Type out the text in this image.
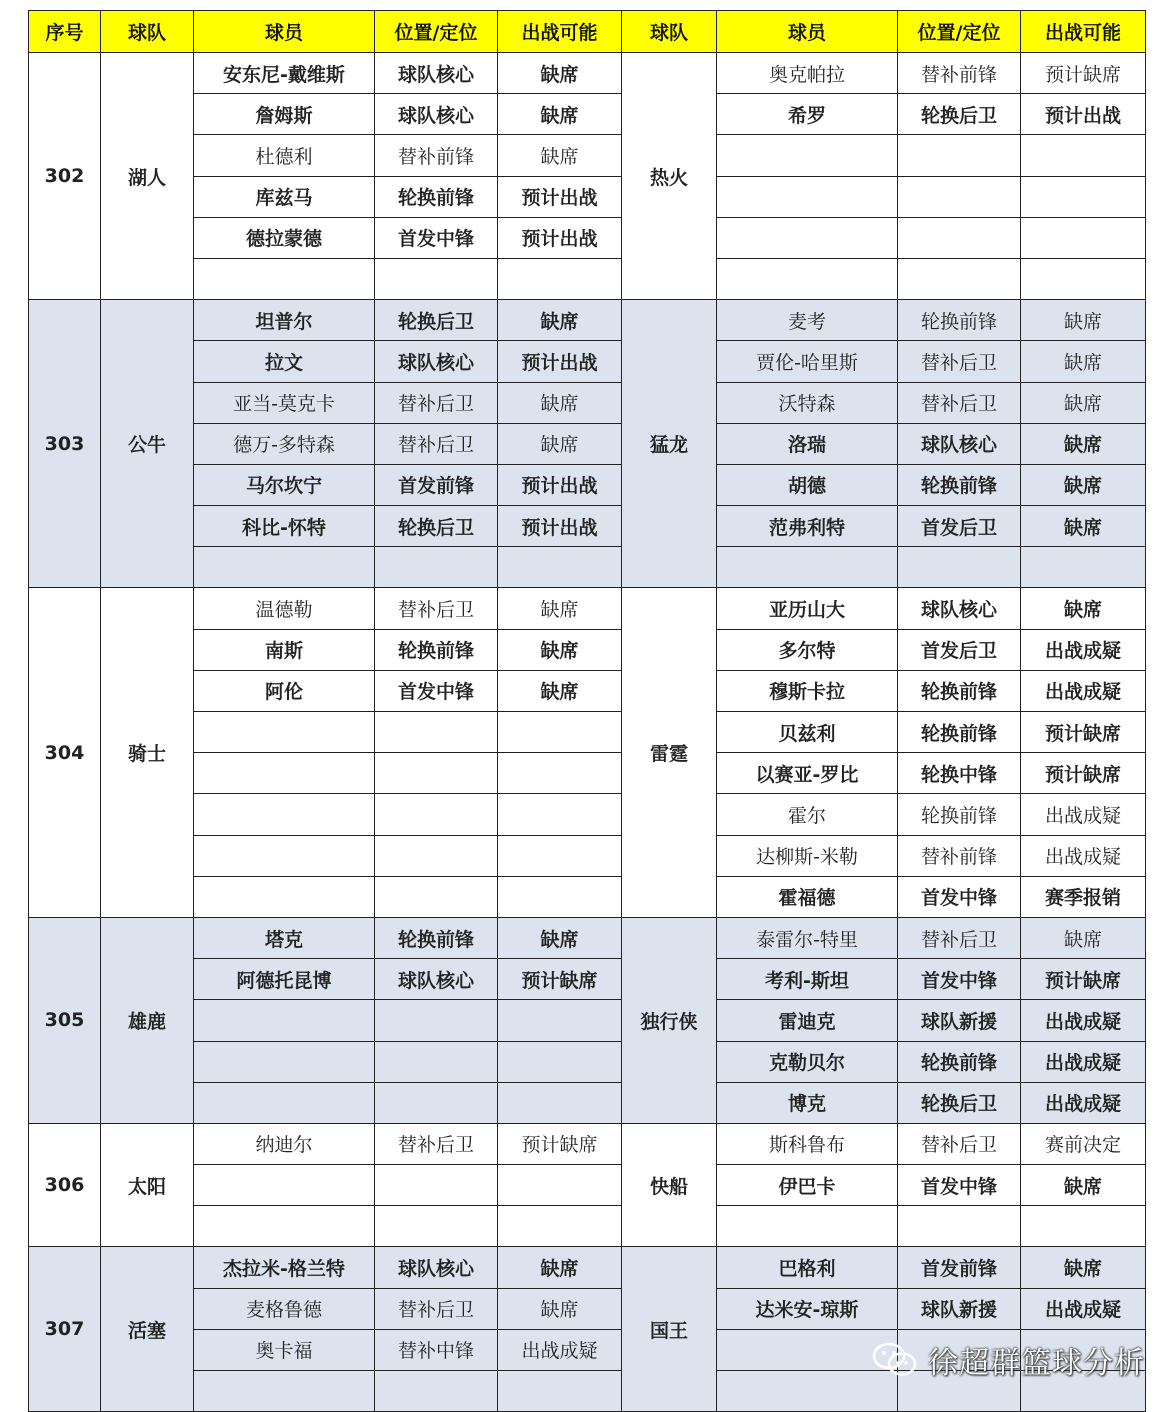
序号	球队	球员	位置/定位	出战可能	球队	球员	位置/定位	出战可能
302	湖人	安东尼-戴维斯	球队核心	缺席	热火	奥克帕拉	替补前锋	预计缺席
		詹姆斯	球队核心	缺席		希罗	轮换后卫	预计出战
		杜德利	替补前锋	缺席				
		库兹马	轮换前锋	预计出战				
		德拉蒙德	首发中锋	预计出战				

303	公牛	坦普尔	轮换后卫	缺席	猛龙	麦考	轮换前锋	缺席
		拉文	球队核心	预计出战		贾伦-哈里斯	替补后卫	缺席
		亚当-莫克卡	替补后卫	缺席		沃特森	替补后卫	缺席
		德万-多特森	替补后卫	缺席		洛瑞	球队核心	缺席
		马尔坎宁	首发前锋	预计出战		胡德	轮换前锋	缺席
		科比-怀特	轮换后卫	预计出战		范弗利特	首发后卫	缺席

304	骑士	温德勒	替补后卫	缺席	雷霆	亚历山大	球队核心	缺席
		南斯	轮换前锋	缺席		多尔特	首发后卫	出战成疑
		阿伦	首发中锋	缺席		穆斯卡拉	轮换前锋	出战成疑
						贝兹利	轮换前锋	预计缺席
						以赛亚-罗比	轮换中锋	预计缺席
						霍尔	轮换前锋	出战成疑
						达柳斯-米勒	替补前锋	出战成疑
						霍福德	首发中锋	赛季报销
305	雄鹿	塔克	轮换前锋	缺席	独行侠	泰雷尔-特里	替补后卫	缺席
		阿德托昆博	球队核心	预计缺席		考利-斯坦	首发中锋	预计缺席
						雷迪克	球队新援	出战成疑
						克勒贝尔	轮换前锋	出战成疑
						博克	轮换后卫	出战成疑
306	太阳	纳迪尔	替补后卫	预计缺席	快船	斯科鲁布	替补后卫	赛前决定
						伊巴卡	首发中锋	缺席

307	活塞	杰拉米-格兰特	球队核心	缺席	国王	巴格利	首发前锋	缺席
		麦格鲁德	替补后卫	缺席		达米安-琼斯	球队新援	出战成疑
		奥卡福	替补中锋	出战成疑				
						徐超群篮球分析
